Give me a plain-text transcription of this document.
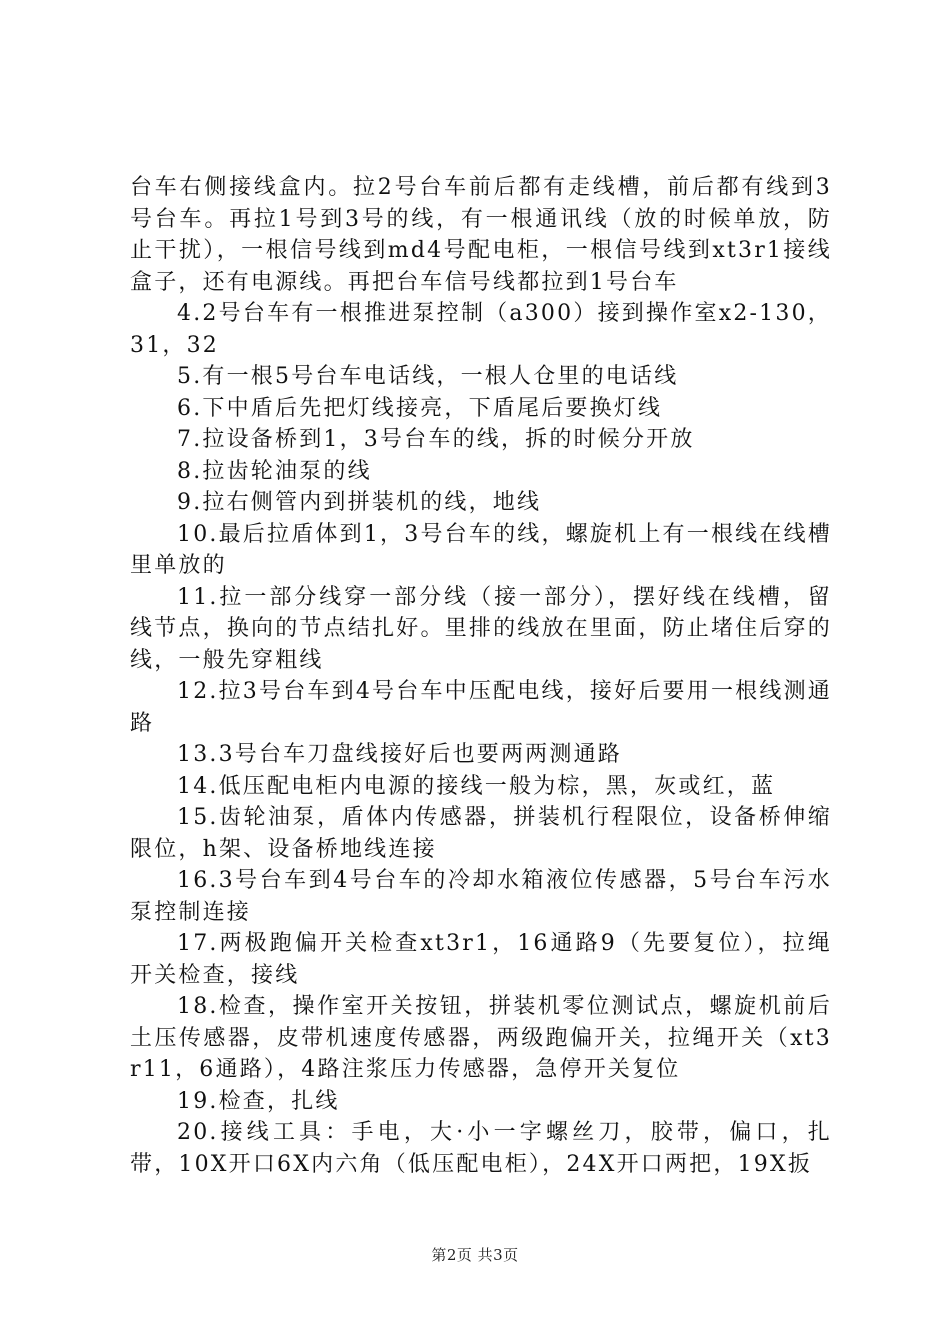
台车右侧接线盒内。拉2号台车前后都有走线槽，前后都有线到3号台车。再拉1号到3号的线，有一根通讯线（放的时候单放，防止干扰），一根信号线到md4号配电柜，一根信号线到xt3r1接线盒子，还有电源线。再把台车信号线都拉到1号台车

4.2号台车有一根推进泵控制（a300）接到操作室x2-130，31，32

5.有一根5号台车电话线，一根人仓里的电话线

6.下中盾后先把灯线接亮，下盾尾后要换灯线

7.拉设备桥到1，3号台车的线，拆的时候分开放

8.拉齿轮油泵的线

9.拉右侧管内到拼装机的线，地线

10.最后拉盾体到1，3号台车的线，螺旋机上有一根线在线槽里单放的

11.拉一部分线穿一部分线（接一部分），摆好线在线槽，留线节点，换向的节点结扎好。里排的线放在里面，防止堵住后穿的线，一般先穿粗线

12.拉3号台车到4号台车中压配电线，接好后要用一根线测通路

13.3号台车刀盘线接好后也要两两测通路

14.低压配电柜内电源的接线一般为棕，黑，灰或红，蓝

15.齿轮油泵，盾体内传感器，拼装机行程限位，设备桥伸缩限位，h架、设备桥地线连接

16.3号台车到4号台车的冷却水箱液位传感器，5号台车污水泵控制连接

17.两极跑偏开关检查xt3r1，16通路9（先要复位），拉绳开关检查，接线

18.检查，操作室开关按钮，拼装机零位测试点，螺旋机前后土压传感器，皮带机速度传感器，两级跑偏开关，拉绳开关（xt3r11，6通路），4路注浆压力传感器，急停开关复位

19.检查，扎线

20.接线工具：手电，大·小一字螺丝刀，胶带，偏口，扎带，10X开口6X内六角（低压配电柜），24X开口两把，19X扳

第2页 共3页
